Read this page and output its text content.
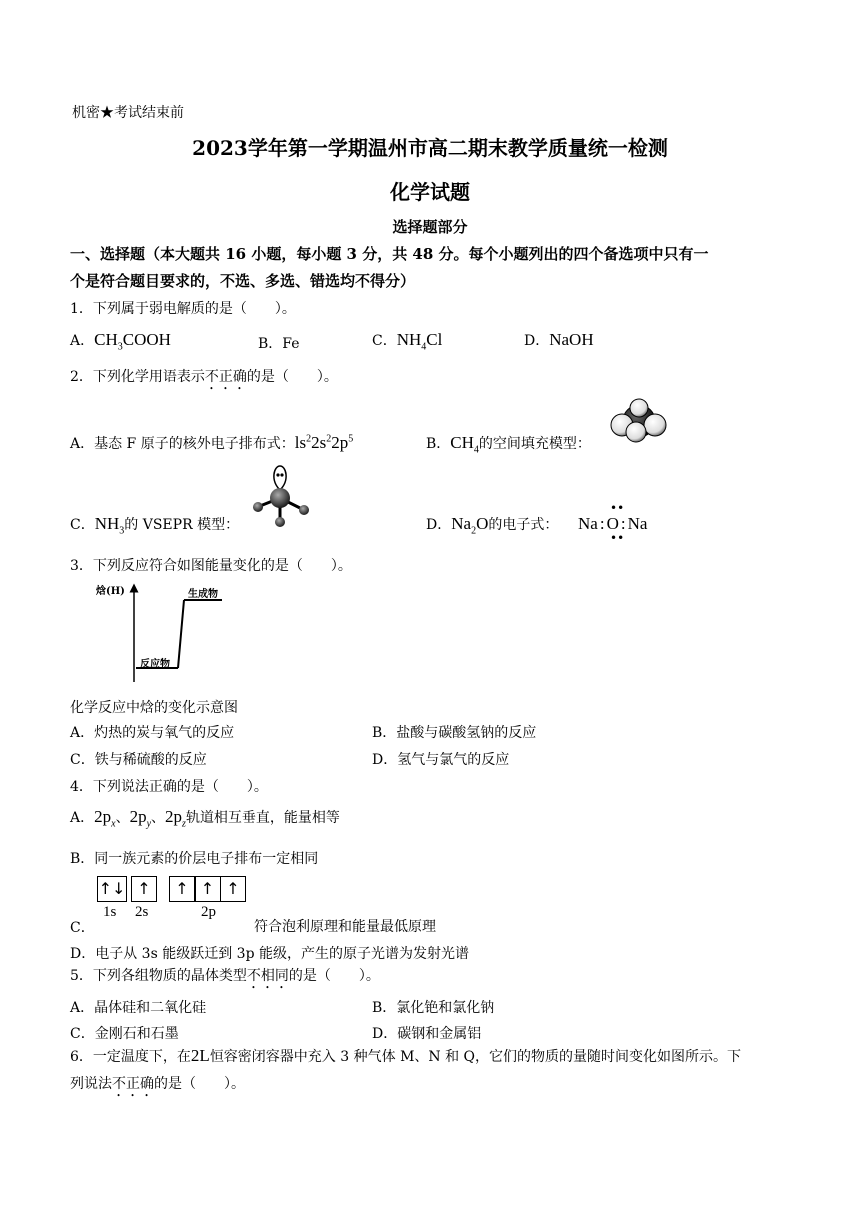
机密★考试结束前
2023学年第一学期温州市高二期末教学质量统一检测
化学试题
选择题部分
一、选择题（本大题共 16 小题，每小题 3 分，共 48 分。每个小题列出的四个备选项中只有一
个是符合题目要求的，不选、多选、错选均不得分）
1．下列属于弱电解质的是（　　）。
A．$CH_3COOH$	B．Fe	C．$NH_4Cl$	D．NaOH
2．下列化学用语表示不正确的是（　　）。
A．基态 F 原子的核外电子排布式：$ls^22s^22p^5$	B．$CH_4$的空间填充模型：
C．$NH_3$的 VSEPR 模型：	D．$Na_2O$的电子式： Na : O : Na
••
••
3．下列反应符合如图能量变化的是（　　）。
焓(H)
反应物
生成物
化学反应中焓的变化示意图
A．灼热的炭与氧气的反应	B．盐酸与碳酸氢钠的反应
C．铁与稀硫酸的反应	D．氢气与氯气的反应
4．下列说法正确的是（　　）。
A．$2p_x$、$2p_y$、$2p_z$轨道相互垂直，能量相等
B．同一族元素的价层电子排布一定相同
↑↓ ↑	↑ ↑ ↑
1s 2s	2p
C．	符合泡利原理和能量最低原理
D．电子从 3s 能级跃迁到 3p 能级，产生的原子光谱为发射光谱
5．下列各组物质的晶体类型不相同的是（　　）。
A．晶体硅和二氧化硅	B．氯化铯和氯化钠
C．金刚石和石墨	D．碳钢和金属铝
6．一定温度下，在2L恒容密闭容器中充入 3 种气体 M、N 和 Q，它们的物质的量随时间变化如图所示。下
列说法不正确的是（　　）。
